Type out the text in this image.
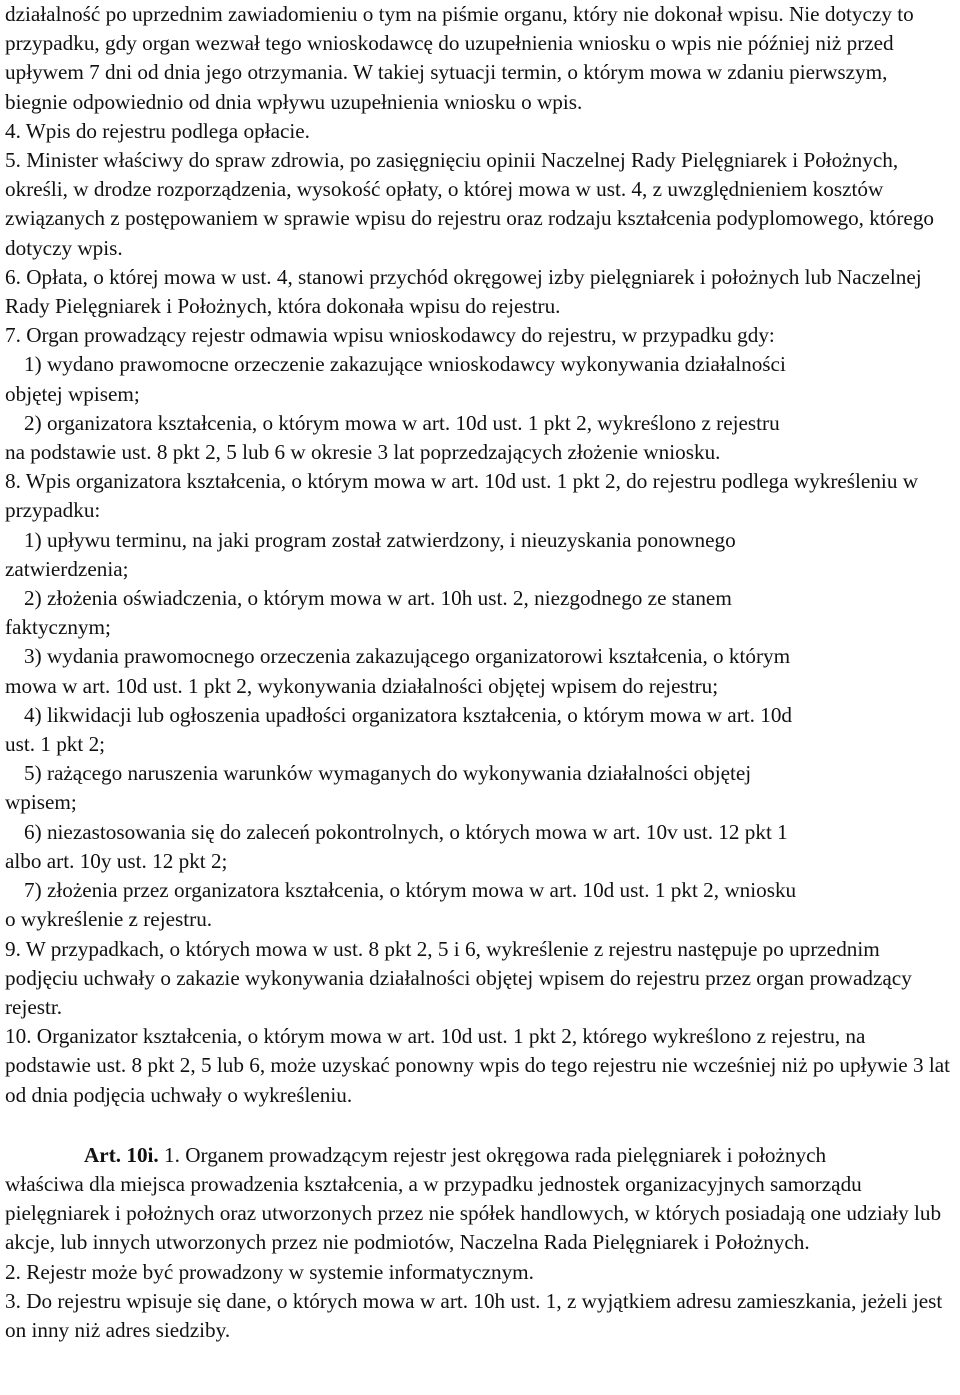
działalność po uprzednim zawiadomieniu o tym na piśmie organu, który nie dokonał wpisu. Nie dotyczy to przypadku, gdy organ wezwał tego wnioskodawcę do uzupełnienia wniosku o wpis nie później niż przed upływem 7 dni od dnia jego otrzymania. W takiej sytuacji termin, o którym mowa w zdaniu pierwszym, biegnie odpowiednio od dnia wpływu uzupełnienia wniosku o wpis.

4. Wpis do rejestru podlega opłacie.

5. Minister właściwy do spraw zdrowia, po zasięgnięciu opinii Naczelnej Rady Pielęgniarek i Położnych, określi, w drodze rozporządzenia, wysokość opłaty, o której mowa w ust. 4, z uwzględnieniem kosztów związanych z postępowaniem w sprawie wpisu do rejestru oraz rodzaju kształcenia podyplomowego, którego dotyczy wpis.

6. Opłata, o której mowa w ust. 4, stanowi przychód okręgowej izby pielęgniarek i położnych lub Naczelnej Rady Pielęgniarek i Położnych, która dokonała wpisu do rejestru.

7. Organ prowadzący rejestr odmawia wpisu wnioskodawcy do rejestru, w przypadku gdy:

1) wydano prawomocne orzeczenie zakazujące wnioskodawcy wykonywania działalności

objętej wpisem;

2) organizatora kształcenia, o którym mowa w art. 10d ust. 1 pkt 2, wykreślono z rejestru

na podstawie ust. 8 pkt 2, 5 lub 6 w okresie 3 lat poprzedzających złożenie wniosku.

8. Wpis organizatora kształcenia, o którym mowa w art. 10d ust. 1 pkt 2, do rejestru podlega wykreśleniu w przypadku:

1) upływu terminu, na jaki program został zatwierdzony, i nieuzyskania ponownego

zatwierdzenia;

2) złożenia oświadczenia, o którym mowa w art. 10h ust. 2, niezgodnego ze stanem

faktycznym;

3) wydania prawomocnego orzeczenia zakazującego organizatorowi kształcenia, o którym

mowa w art. 10d ust. 1 pkt 2, wykonywania działalności objętej wpisem do rejestru;

4) likwidacji lub ogłoszenia upadłości organizatora kształcenia, o którym mowa w art. 10d

ust. 1 pkt 2;

5) rażącego naruszenia warunków wymaganych do wykonywania działalności objętej

wpisem;

6) niezastosowania się do zaleceń pokontrolnych, o których mowa w art. 10v ust. 12 pkt 1

albo art. 10y ust. 12 pkt 2;

7) złożenia przez organizatora kształcenia, o którym mowa w art. 10d ust. 1 pkt 2, wniosku

o wykreślenie z rejestru.

9. W przypadkach, o których mowa w ust. 8 pkt 2, 5 i 6, wykreślenie z rejestru następuje po uprzednim podjęciu uchwały o zakazie wykonywania działalności objętej wpisem do rejestru przez organ prowadzący rejestr.

10. Organizator kształcenia, o którym mowa w art. 10d ust. 1 pkt 2, którego wykreślono z rejestru, na podstawie ust. 8 pkt 2, 5 lub 6, może uzyskać ponowny wpis do tego rejestru nie wcześniej niż po upływie 3 lat od dnia podjęcia uchwały o wykreśleniu.

Art. 10i. 1. Organem prowadzącym rejestr jest okręgowa rada pielęgniarek i położnych

właściwa dla miejsca prowadzenia kształcenia, a w przypadku jednostek organizacyjnych samorządu pielęgniarek i położnych oraz utworzonych przez nie spółek handlowych, w których posiadają one udziały lub akcje, lub innych utworzonych przez nie podmiotów, Naczelna Rada Pielęgniarek i Położnych.

2. Rejestr może być prowadzony w systemie informatycznym.

3. Do rejestru wpisuje się dane, o których mowa w art. 10h ust. 1, z wyjątkiem adresu zamieszkania, jeżeli jest on inny niż adres siedziby.
